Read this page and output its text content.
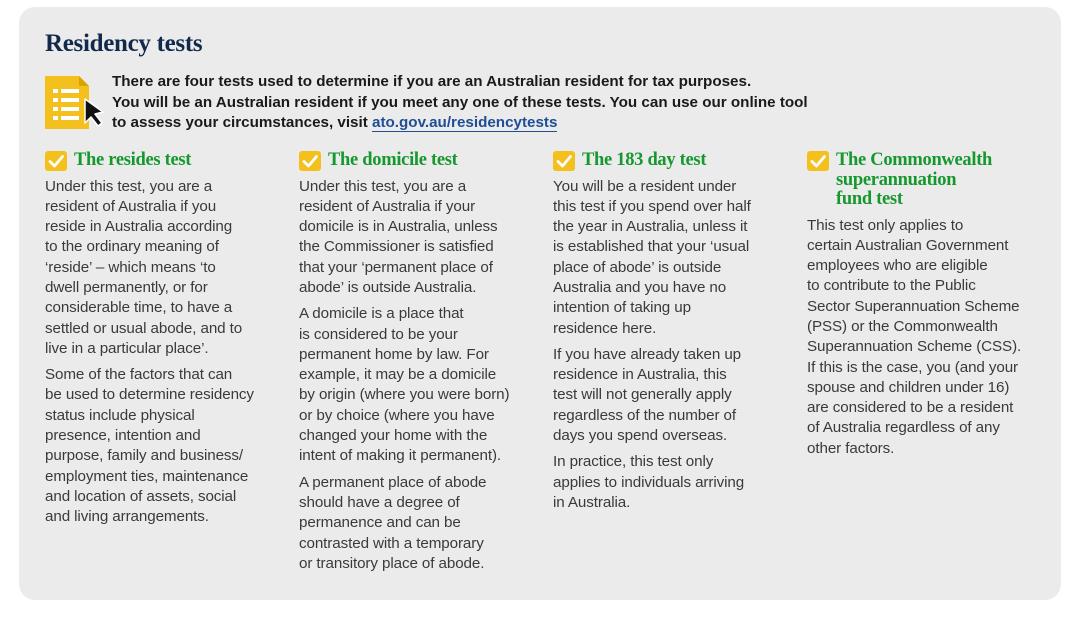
Residency tests

There are four tests used to determine if you are an Australian resident for tax purposes.

You will be an Australian resident if you meet any one of these tests. You can use our online tool

to assess your circumstances, visit ato.gov.au/residencytests

The resides test

Under this test, you are a
resident of Australia if you
reside in Australia according
to the ordinary meaning of
‘reside’ – which means ‘to
dwell permanently, or for
considerable time, to have a
settled or usual abode, and to
live in a particular place’.

Some of the factors that can
be used to determine residency
status include physical
presence, intention and
purpose, family and business/
employment ties, maintenance
and location of assets, social
and living arrangements.

The domicile test

Under this test, you are a
resident of Australia if your
domicile is in Australia, unless
the Commissioner is satisfied
that your ‘permanent place of
abode’ is outside Australia.

A domicile is a place that
is considered to be your
permanent home by law. For
example, it may be a domicile
by origin (where you were born)
or by choice (where you have
changed your home with the
intent of making it permanent).

A permanent place of abode
should have a degree of
permanence and can be
contrasted with a temporary
or transitory place of abode.

The 183 day test

You will be a resident under
this test if you spend over half
the year in Australia, unless it
is established that your ‘usual
place of abode’ is outside
Australia and you have no
intention of taking up
residence here.

If you have already taken up
residence in Australia, this
test will not generally apply
regardless of the number of
days you spend overseas.

In practice, this test only
applies to individuals arriving
in Australia.

The Commonwealth
superannuation
fund test

This test only applies to
certain Australian Government
employees who are eligible
to contribute to the Public
Sector Superannuation Scheme
(PSS) or the Commonwealth
Superannuation Scheme (CSS).
If this is the case, you (and your
spouse and children under 16)
are considered to be a resident
of Australia regardless of any
other factors.
